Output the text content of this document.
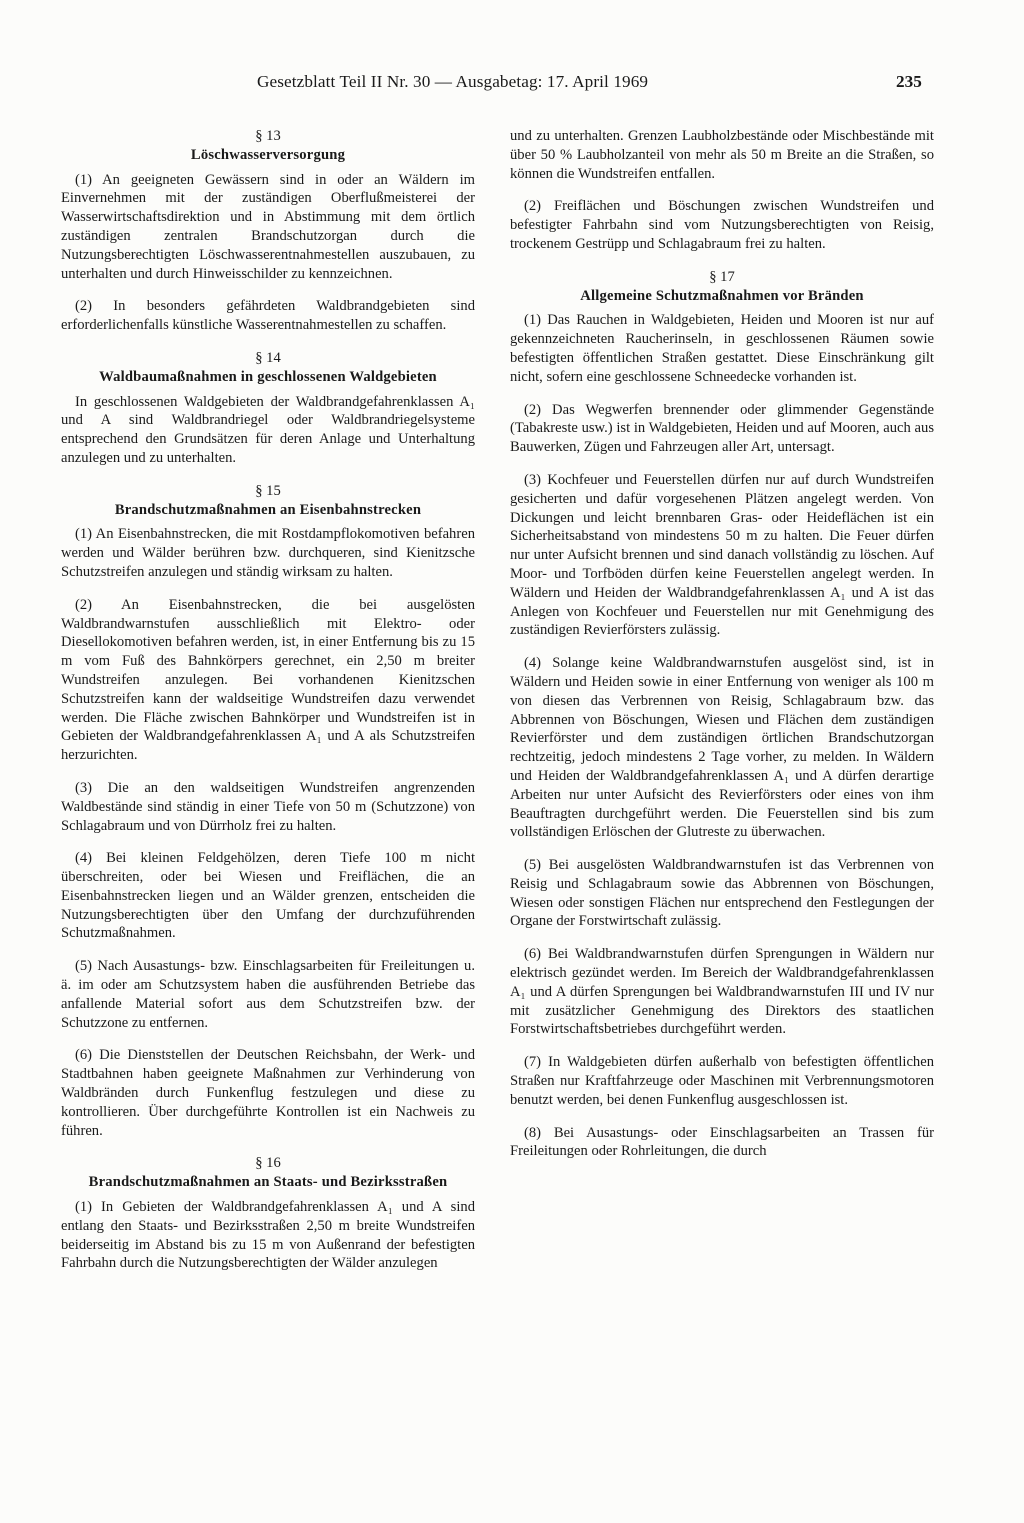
Gesetzblatt Teil II Nr. 30 — Ausgabetag: 17. April 1969	235
§ 13
Löschwasserversorgung

(1) An geeigneten Gewässern sind in oder an Wäldern im Einvernehmen mit der zuständigen Oberflußmeisterei der Wasserwirtschaftsdirektion und in Abstimmung mit dem örtlich zuständigen zentralen Brandschutzorgan durch die Nutzungsberechtigten Löschwasserentnahmestellen auszubauen, zu unterhalten und durch Hinweisschilder zu kennzeichnen.

(2) In besonders gefährdeten Waldbrandgebieten sind erforderlichenfalls künstliche Wasserentnahmestellen zu schaffen.

§ 14
Waldbaumaßnahmen in geschlossenen Waldgebieten

In geschlossenen Waldgebieten der Waldbrandgefahrenklassen A₁ und A sind Waldbrandriegel oder Waldbrandriegelsysteme entsprechend den Grundsätzen für deren Anlage und Unterhaltung anzulegen und zu unterhalten.

§ 15
Brandschutzmaßnahmen an Eisenbahnstrecken

(1) An Eisenbahnstrecken, die mit Rostdampflokomotiven befahren werden und Wälder berühren bzw. durchqueren, sind Kienitzsche Schutzstreifen anzulegen und ständig wirksam zu halten.

(2) An Eisenbahnstrecken, die bei ausgelösten Waldbrandwarnstufen ausschließlich mit Elektro- oder Diesellokomotiven befahren werden, ist, in einer Entfernung bis zu 15 m vom Fuß des Bahnkörpers gerechnet, ein 2,50 m breiter Wundstreifen anzulegen. Bei vorhandenen Kienitzschen Schutzstreifen kann der waldseitige Wundstreifen dazu verwendet werden. Die Fläche zwischen Bahnkörper und Wundstreifen ist in Gebieten der Waldbrandgefahrenklassen A₁ und A als Schutzstreifen herzurichten.

(3) Die an den waldseitigen Wundstreifen angrenzenden Waldbestände sind ständig in einer Tiefe von 50 m (Schutzzone) von Schlagabraum und von Dürrholz frei zu halten.

(4) Bei kleinen Feldgehölzen, deren Tiefe 100 m nicht überschreiten, oder bei Wiesen und Freiflächen, die an Eisenbahnstrecken liegen und an Wälder grenzen, entscheiden die Nutzungsberechtigten über den Umfang der durchzuführenden Schutzmaßnahmen.

(5) Nach Ausastungs- bzw. Einschlagsarbeiten für Freileitungen u. ä. im oder am Schutzsystem haben die ausführenden Betriebe das anfallende Material sofort aus dem Schutzstreifen bzw. der Schutzzone zu entfernen.

(6) Die Dienststellen der Deutschen Reichsbahn, der Werk- und Stadtbahnen haben geeignete Maßnahmen zur Verhinderung von Waldbränden durch Funkenflug festzulegen und diese zu kontrollieren. Über durchgeführte Kontrollen ist ein Nachweis zu führen.

§ 16
Brandschutzmaßnahmen an Staats- und Bezirksstraßen

(1) In Gebieten der Waldbrandgefahrenklassen A₁ und A sind entlang den Staats- und Bezirksstraßen 2,50 m breite Wundstreifen beiderseitig im Abstand bis zu 15 m von Außenrand der befestigten Fahrbahn durch die Nutzungsberechtigten der Wälder anzulegen

und zu unterhalten. Grenzen Laubholzbestände oder Mischbestände mit über 50 % Laubholzanteil von mehr als 50 m Breite an die Straßen, so können die Wundstreifen entfallen.

(2) Freiflächen und Böschungen zwischen Wundstreifen und befestigter Fahrbahn sind vom Nutzungsberechtigten von Reisig, trockenem Gestrüpp und Schlagabraum frei zu halten.

§ 17
Allgemeine Schutzmaßnahmen vor Bränden

(1) Das Rauchen in Waldgebieten, Heiden und Mooren ist nur auf gekennzeichneten Raucherinseln, in geschlossenen Räumen sowie befestigten öffentlichen Straßen gestattet. Diese Einschränkung gilt nicht, sofern eine geschlossene Schneedecke vorhanden ist.

(2) Das Wegwerfen brennender oder glimmender Gegenstände (Tabakreste usw.) ist in Waldgebieten, Heiden und auf Mooren, auch aus Bauwerken, Zügen und Fahrzeugen aller Art, untersagt.

(3) Kochfeuer und Feuerstellen dürfen nur auf durch Wundstreifen gesicherten und dafür vorgesehenen Plätzen angelegt werden. Von Dickungen und leicht brennbaren Gras- oder Heideflächen ist ein Sicherheitsabstand von mindestens 50 m zu halten. Die Feuer dürfen nur unter Aufsicht brennen und sind danach vollständig zu löschen. Auf Moor- und Torfböden dürfen keine Feuerstellen angelegt werden. In Wäldern und Heiden der Waldbrandgefahrenklassen A₁ und A ist das Anlegen von Kochfeuer und Feuerstellen nur mit Genehmigung des zuständigen Revierförsters zulässig.

(4) Solange keine Waldbrandwarnstufen ausgelöst sind, ist in Wäldern und Heiden sowie in einer Entfernung von weniger als 100 m von diesen das Verbrennen von Reisig, Schlagabraum bzw. das Abbrennen von Böschungen, Wiesen und Flächen dem zuständigen Revierförster und dem zuständigen örtlichen Brandschutzorgan rechtzeitig, jedoch mindestens 2 Tage vorher, zu melden. In Wäldern und Heiden der Waldbrandgefahrenklassen A₁ und A dürfen derartige Arbeiten nur unter Aufsicht des Revierförsters oder eines von ihm Beauftragten durchgeführt werden. Die Feuerstellen sind bis zum vollständigen Erlöschen der Glutreste zu überwachen.

(5) Bei ausgelösten Waldbrandwarnstufen ist das Verbrennen von Reisig und Schlagabraum sowie das Abbrennen von Böschungen, Wiesen oder sonstigen Flächen nur entsprechend den Festlegungen der Organe der Forstwirtschaft zulässig.

(6) Bei Waldbrandwarnstufen dürfen Sprengungen in Wäldern nur elektrisch gezündet werden. Im Bereich der Waldbrandgefahrenklassen A₁ und A dürfen Sprengungen bei Waldbrandwarnstufen III und IV nur mit zusätzlicher Genehmigung des Direktors des staatlichen Forstwirtschaftsbetriebes durchgeführt werden.

(7) In Waldgebieten dürfen außerhalb von befestigten öffentlichen Straßen nur Kraftfahrzeuge oder Maschinen mit Verbrennungsmotoren benutzt werden, bei denen Funkenflug ausgeschlossen ist.

(8) Bei Ausastungs- oder Einschlagsarbeiten an Trassen für Freileitungen oder Rohrleitungen, die durch
